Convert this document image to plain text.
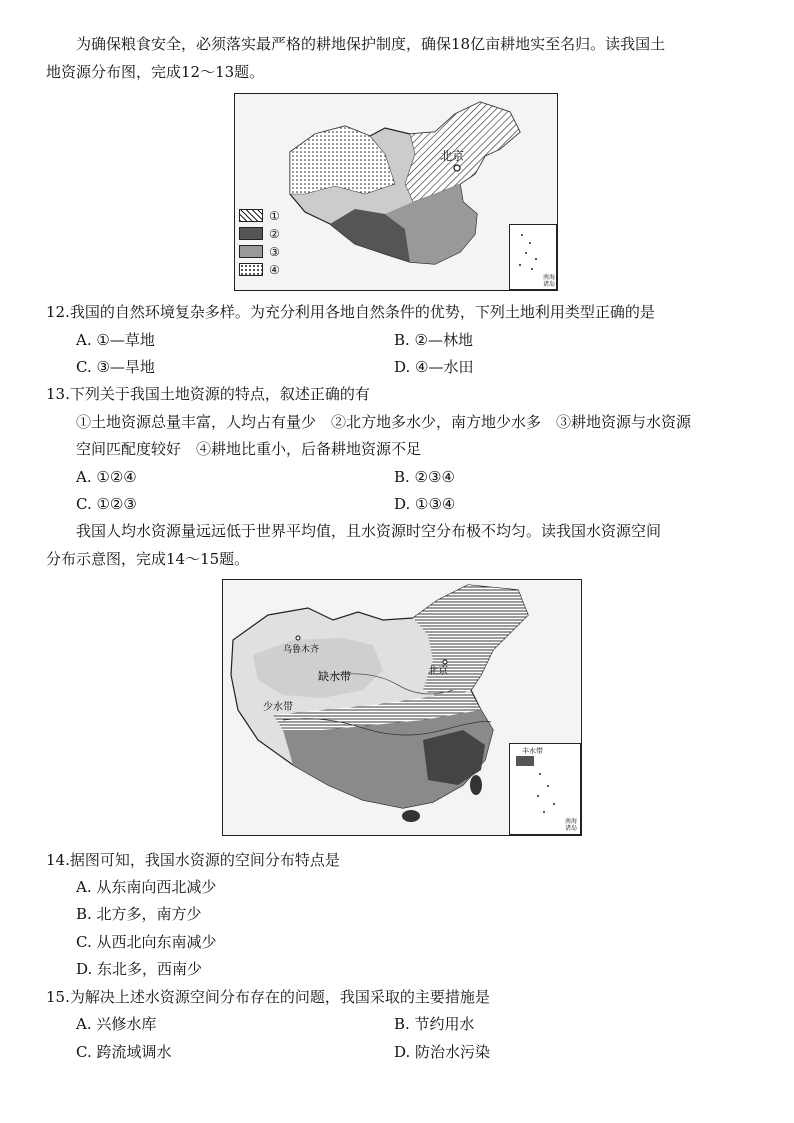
为确保粮食安全，必须落实最严格的耕地保护制度，确保18亿亩耕地实至名归。读我国土
地资源分布图，完成12～13题。
北京
①
②
③
④
南海诸岛
12.我国的自然环境复杂多样。为充分利用各地自然条件的优势，下列土地利用类型正确的是
A. ①—草地	B. ②—林地
C. ③—旱地	D. ④—水田
13.下列关于我国土地资源的特点，叙述正确的有
①土地资源总量丰富，人均占有量少　②北方地多水少，南方地少水多　③耕地资源与水资源
空间匹配度较好　④耕地比重小，后备耕地资源不足
A. ①②④	B. ②③④
C. ①②③	D. ①③④
我国人均水资源量远远低于世界平均值，且水资源时空分布极不均匀。读我国水资源空间
分布示意图，完成14～15题。
乌鲁木齐
缺水带
少水带
北京
丰水带
南海诸岛
14.据图可知，我国水资源的空间分布特点是
A. 从东南向西北减少
B. 北方多，南方少
C. 从西北向东南减少
D. 东北多，西南少
15.为解决上述水资源空间分布存在的问题，我国采取的主要措施是
A. 兴修水库	B. 节约用水
C. 跨流域调水	D. 防治水污染
